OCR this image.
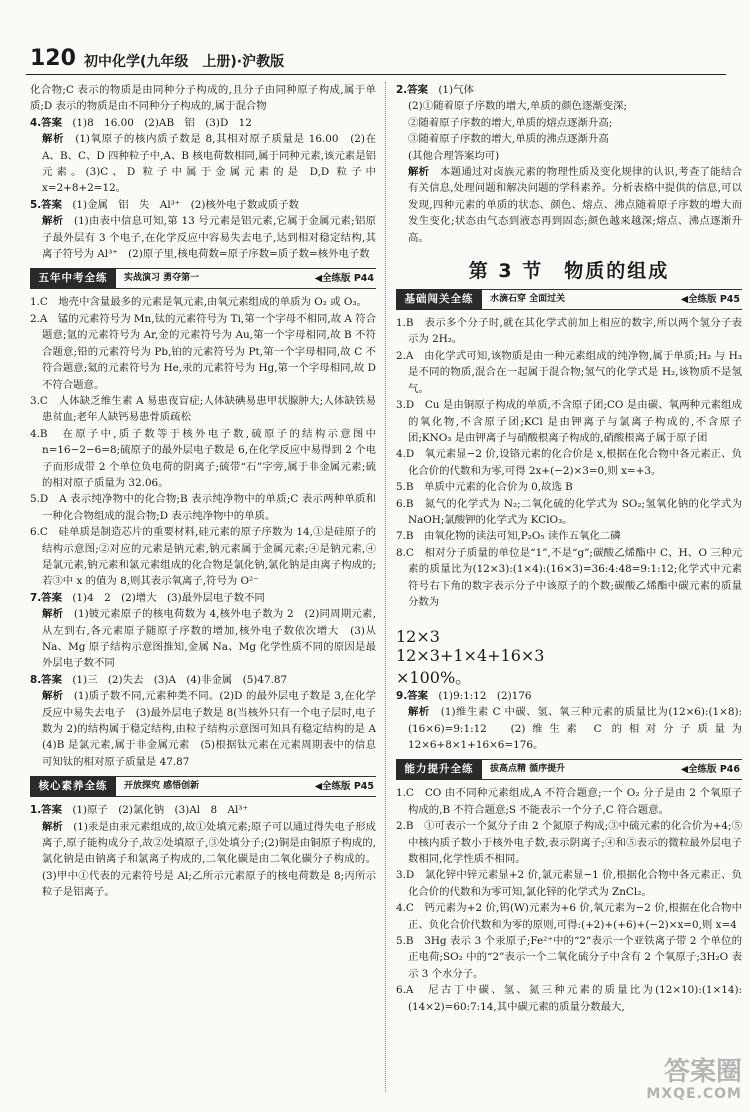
120 初中化学(九年级　上册)·沪教版

化合物;C 表示的物质是由同种分子构成的,且分子由同种原子构成,属于单质;D 表示的物质是由不同种分子构成的,属于混合物

4.答案　 (1)8　16.00　(2)AB　铝　(3)D　12

解析　 (1)氧原子的核内质子数是 8,其相对原子质量是 16.00　(2)在 A、B、C、D 四种粒子中,A、B 核电荷数相同,属于同种元素,该元素是铝元素。(3)C、D 粒子中属于金属元素的是 D,D 粒子中 x=2+8+2=12。

5.答案　 (1)金属　铝　失　Al³⁺　(2)核外电子数或质子数

解析　 (1)由表中信息可知,第 13 号元素是铝元素,它属于金属元素;铝原子最外层有 3 个电子,在化学反应中容易失去电子,达到相对稳定结构,其离子符号为 Al³⁺　(2)原子里,核电荷数=原子序数=质子数=核外电子数

五年中考全练	实战演习 勇夺第一	◀全练版 P44

1.C　地壳中含量最多的元素是氧元素,由氧元素组成的单质为 O₂ 或 O₃。

2.A　锰的元素符号为 Mn,钛的元素符号为 Ti,第一个字母不相同,故 A 符合题意;氩的元素符号为 Ar,金的元素符号为 Au,第一个字母相同,故 B 不符合题意;铅的元素符号为 Pb,铂的元素符号为 Pt,第一个字母相同,故 C 不符合题意;氦的元素符号为 He,汞的元素符号为 Hg,第一个字母相同,故 D 不符合题意。

3.C　人体缺乏维生素 A 易患夜盲症;人体缺碘易患甲状腺肿大;人体缺铁易患贫血;老年人缺钙易患骨质疏松

4.B　在原子中,质子数等于核外电子数,硫原子的结构示意图中 n=16−2−6=8;硫原子的最外层电子数是 6,在化学反应中易得到 2 个电子而形成带 2 个单位负电荷的阴离子;硫带“石”字旁,属于非金属元素;硫的相对原子质量为 32.06。

5.D　A 表示纯净物中的化合物;B 表示纯净物中的单质;C 表示两种单质和一种化合物组成的混合物;D 表示纯净物中的单质。

6.C　硅单质是制造芯片的重要材料,硅元素的原子序数为 14,①是硅原子的结构示意图;②对应的元素是钠元素,钠元素属于金属元素;④是钠元素,④是氯元素,钠元素和氯元素组成的化合物是氯化钠,氯化钠是由离子构成的;若③中 x 的值为 8,则其表示氧离子,符号为 O²⁻

7.答案　 (1)4　2　(2)增大　(3)最外层电子数不同

解析　 (1)铍元素原子的核电荷数为 4,核外电子数为 2　(2)同周期元素,从左到右,各元素原子随原子序数的增加,核外电子数依次增大　(3)从 Na、Mg 原子结构示意图推知,金属 Na、Mg 化学性质不同的原因是最外层电子数不同

8.答案　 (1)三　(2)失去　(3)A　(4)非金属　(5)47.87

解析　 (1)质子数不同,元素种类不同。(2)D 的最外层电子数是 3,在化学反应中易失去电子　(3)最外层电子数是 8(当核外只有一个电子层时,电子数为 2)的结构属于稳定结构,由粒子结构示意图可知具有稳定结构的是 A　(4)B 是氯元素,属于非金属元素　(5)根据钛元素在元素周期表中的信息可知钛的相对原子质量是 47.87

核心素养全练	开放探究 感悟创新	◀全练版 P45

1.答案　 (1)原子　(2)氯化钠　(3)Al　8　Al³⁺

解析　 (1)汞是由汞元素组成的,故①处填元素;原子可以通过得失电子形成离子,原子能构成分子,故②处填原子,③处填分子;(2)铜是由铜原子构成的,氯化钠是由钠离子和氯离子构成的,二氧化碳是由二氧化碳分子构成的。(3)甲中①代表的元素符号是 Al;乙所示元素原子的核电荷数是 8;丙所示粒子是铝离子。

2.答案　 (1)气体

(2)①随着原子序数的增大,单质的颜色逐渐变深;

②随着原子序数的增大,单质的熔点逐渐升高;

③随着原子序数的增大,单质的沸点逐渐升高

(其他合理答案均可)

解析　 本题通过对卤族元素的物理性质及变化规律的认识,考查了能结合有关信息,处理问题和解决问题的学科素养。分析表格中提供的信息,可以发现,四种元素的单质的状态、颜色、熔点、沸点随着原子序数的增大而发生变化;状态由气态到液态再到固态;颜色越来越深;熔点、沸点逐渐升高。

第 3 节　物质的组成
基础闯关全练	水滴石穿 全面过关	◀全练版 P45

1.B　表示多个分子时,就在其化学式前加上相应的数字,所以两个氢分子表示为 2H₂。

2.A　由化学式可知,该物质是由一种元素组成的纯净物,属于单质;H₂ 与 H₃ 是不同的物质,混合在一起属于混合物;氢气的化学式是 H₂,该物质不是氢气。

3.D　Cu 是由铜原子构成的单质,不含原子团;CO 是由碳、氧两种元素组成的氧化物,不含原子团;KCl 是由钾离子与氯离子构成的,不含原子团;KNO₃ 是由钾离子与硝酸根离子构成的,硝酸根离子属于原子团

4.D　氧元素显−2 价,设铬元素的化合价是 x,根据在化合物中各元素正、负化合价的代数和为零,可得 2x+(−2)×3=0,则 x=+3。

5.B　单质中元素的化合价为 0,故选 B

6.B　氮气的化学式为 N₂;二氧化硫的化学式为 SO₂;氢氧化钠的化学式为 NaOH;氯酸钾的化学式为 KClO₃。

7.B　由氧化物的读法可知,P₂O₅ 读作五氧化二磷

8.C　相对分子质量的单位是“1”,不是“g”;碳酸乙烯酯中 C、H、O 三种元素的质量比为(12×3):(1×4):(16×3)=36:4:48=9:1:12;化学式中元素符号右下角的数字表示分子中该原子的个数;碳酸乙烯酯中碳元素的质量分数为

12×3
12×3+1×4+16×3
×100%。

9.答案　 (1)9:1:12　(2)176

解析　 (1)维生素 C 中碳、氢、氧三种元素的质量比为(12×6):(1×8):(16×6)=9:1:12　(2)维生素 C 的相对分子质量为 12×6+8×1+16×6=176。

能力提升全练	拔高点精 循序提升	◀全练版 P46

1.C　CO 由不同种元素组成,A 不符合题意;一个 O₂ 分子是由 2 个氧原子构成的,B 不符合题意;S 不能表示一个分子,C 符合题意。

2.B　①可表示一个氮分子由 2 个氮原子构成;③中硫元素的化合价为+4;⑤中核内质子数小于核外电子数,表示阴离子;④和⑤表示的微粒最外层电子数相同,化学性质不相同。

3.D　氯化锌中锌元素显+2 价,氯元素显−1 价,根据化合物中各元素正、负化合价的代数和为零可知,氯化锌的化学式为 ZnCl₂。

4.C　钙元素为+2 价,钨(W)元素为+6 价,氧元素为−2 价,根据在化合物中正、负化合价代数和为零的原则,可得:(+2)+(+6)+(−2)×x=0,则 x=4

5.B　3Hg 表示 3 个汞原子;Fe²⁺中的“2”表示一个亚铁离子带 2 个单位的正电荷;SO₂ 中的“2”表示一个二氧化硫分子中含有 2 个氧原子;3H₂O 表示 3 个水分子。

6.A　尼古丁中碳、氢、氮三种元素的质量比为(12×10):(1×14):(14×2)=60:7:14,其中碳元素的质量分数最大,

答案圈
MXQE.COM
